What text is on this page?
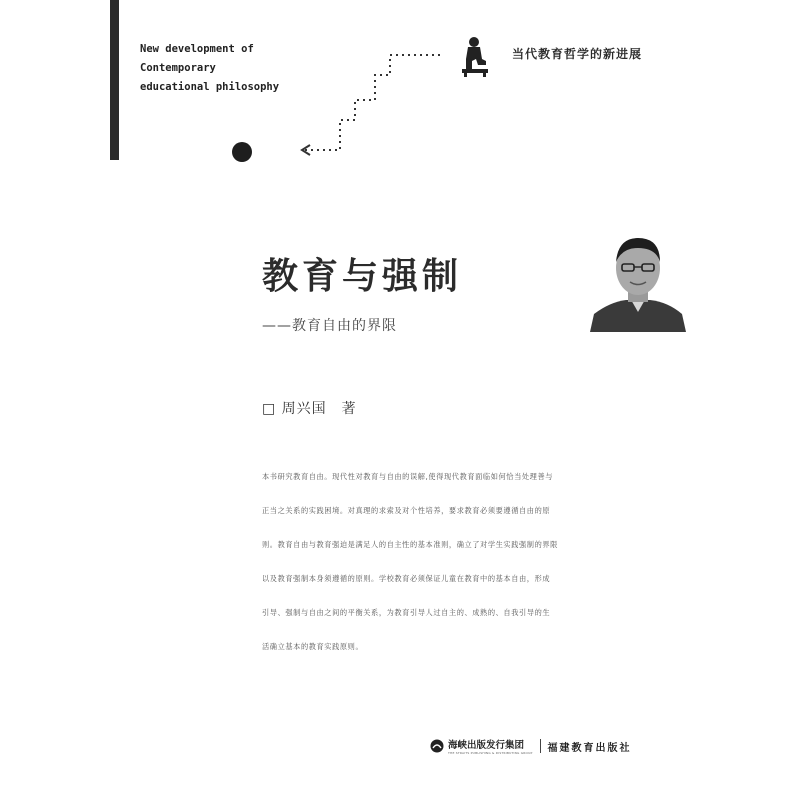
New development of
Contemporary
educational philosophy
当代教育哲学的新进展
教育与强制
——教育自由的界限
□ 周兴国　著

本书研究教育自由。现代性对教育与自由的误解,使得现代教育面临如何恰当处理善与

正当之关系的实践困境。对真理的求索及对个性培养，要求教育必须要遵循自由的原

则。教育自由与教育强迫是满足人的自主性的基本准则，确立了对学生实践强制的界限

以及教育强制本身须遵循的原则。学校教育必须保证儿童在教育中的基本自由，形成

引导、强制与自由之间的平衡关系，为教育引导人过自主的、成熟的、自我引导的生

活确立基本的教育实践原则。

海峡出版发行集团
THE STRAITS PUBLISHING & DISTRIBUTING GROUP 福建教育出版社
